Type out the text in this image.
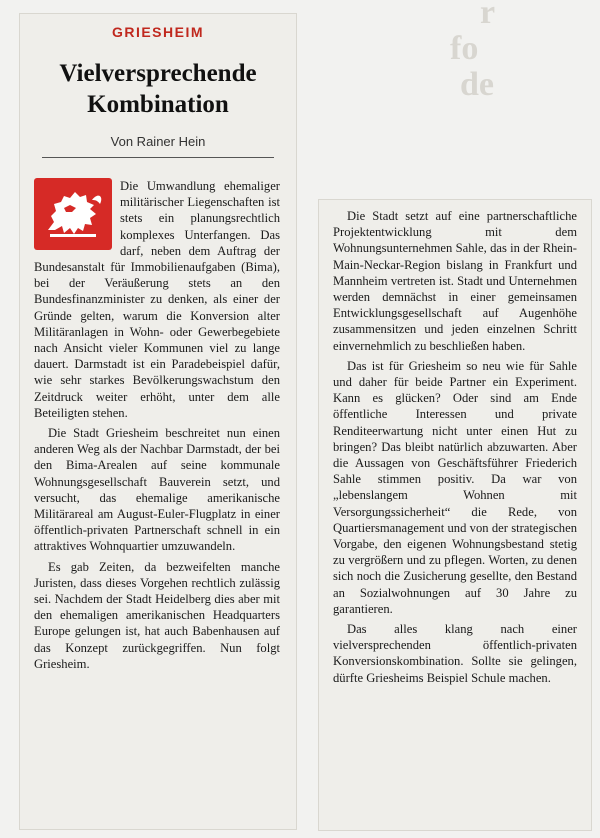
r
fo
de
GRIESHEIM
Vielversprechende
Kombination
Von Rainer Hein

Die Umwandlung ehemaliger militärischer Liegenschaften ist stets ein planungsrechtlich komplexes Unterfangen. Das darf, neben dem Auftrag der Bundesanstalt für Immobilienaufgaben (Bima), bei der Veräußerung stets an den Bundesfinanzminister zu denken, als einer der Gründe gelten, warum die Konversion alter Militäranlagen in Wohn- oder Gewerbegebiete nach Ansicht vieler Kommunen viel zu lange dauert. Darmstadt ist ein Paradebeispiel dafür, wie sehr starkes Bevölkerungswachstum den Zeitdruck weiter erhöht, unter dem alle Beteiligten stehen.

Die Stadt Griesheim beschreitet nun einen anderen Weg als der Nachbar Darmstadt, der bei den Bima-Arealen auf seine kommunale Wohnungsgesellschaft Bauverein setzt, und versucht, das ehemalige amerikanische Militärareal am August-Euler-Flugplatz in einer öffentlich-privaten Partnerschaft schnell in ein attraktives Wohnquartier umzuwandeln.

Es gab Zeiten, da bezweifelten manche Juristen, dass dieses Vorgehen rechtlich zulässig sei. Nachdem der Stadt Heidelberg dies aber mit den ehemaligen amerikanischen Headquarters Europe gelungen ist, hat auch Babenhausen auf das Konzept zurückgegriffen. Nun folgt Griesheim.

Die Stadt setzt auf eine partnerschaftliche Projektentwicklung mit dem Wohnungsunternehmen Sahle, das in der Rhein-Main-Neckar-Region bislang in Frankfurt und Mannheim vertreten ist. Stadt und Unternehmen werden demnächst in einer gemeinsamen Entwicklungsgesellschaft auf Augenhöhe zusammensitzen und jeden einzelnen Schritt einvernehmlich zu beschließen haben.

Das ist für Griesheim so neu wie für Sahle und daher für beide Partner ein Experiment. Kann es glücken? Oder sind am Ende öffentliche Interessen und private Renditeerwartung nicht unter einen Hut zu bringen? Das bleibt natürlich abzuwarten. Aber die Aussagen von Geschäftsführer Friederich Sahle stimmen positiv. Da war von „lebenslangem Wohnen mit Versorgungssicherheit“ die Rede, von Quartiersmanagement und von der strategischen Vorgabe, den eigenen Wohnungsbestand stetig zu vergrößern und zu pflegen. Worten, zu denen sich noch die Zusicherung gesellte, den Bestand an Sozialwohnungen auf 30 Jahre zu garantieren.

Das alles klang nach einer vielversprechenden öffentlich-privaten Konversionskombination. Sollte sie gelingen, dürfte Griesheims Beispiel Schule machen.
